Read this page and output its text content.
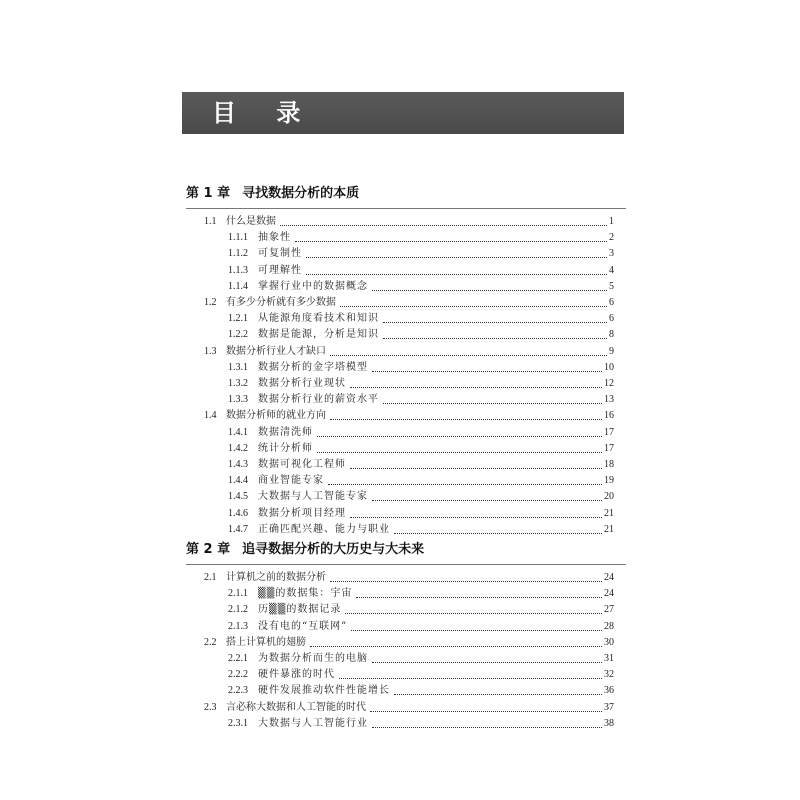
目 录
第 1 章 寻找数据分析的本质
1.1 什么是数据	1
1.1.1	抽象性	2
1.1.2	可复制性	3
1.1.3	可理解性	4
1.1.4	掌握行业中的数据概念	5
1.2 有多少分析就有多少数据	6
1.2.1	从能源角度看技术和知识	6
1.2.2	数据是能源，分析是知识	8
1.3 数据分析行业人才缺口	9
1.3.1	数据分析的金字塔模型	10
1.3.2	数据分析行业现状	12
1.3.3	数据分析行业的薪资水平	13
1.4 数据分析师的就业方向	16
1.4.1	数据清洗师	17
1.4.2	统计分析师	17
1.4.3	数据可视化工程师	18
1.4.4	商业智能专家	19
1.4.5	大数据与人工智能专家	20
1.4.6	数据分析项目经理	21
1.4.7	正确匹配兴趣、能力与职业	21
第 2 章 追寻数据分析的大历史与大未来
2.1 计算机之前的数据分析	24
2.1.1	▒▒的数据集：宇宙	24
2.1.2	历▒▒的数据记录	27
2.1.3	没有电的“互联网”	28
2.2 搭上计算机的翅膀	30
2.2.1	为数据分析而生的电脑	31
2.2.2	硬件暴涨的时代	32
2.2.3	硬件发展推动软件性能增长	36
2.3 言必称大数据和人工智能的时代	37
2.3.1	大数据与人工智能行业	38
